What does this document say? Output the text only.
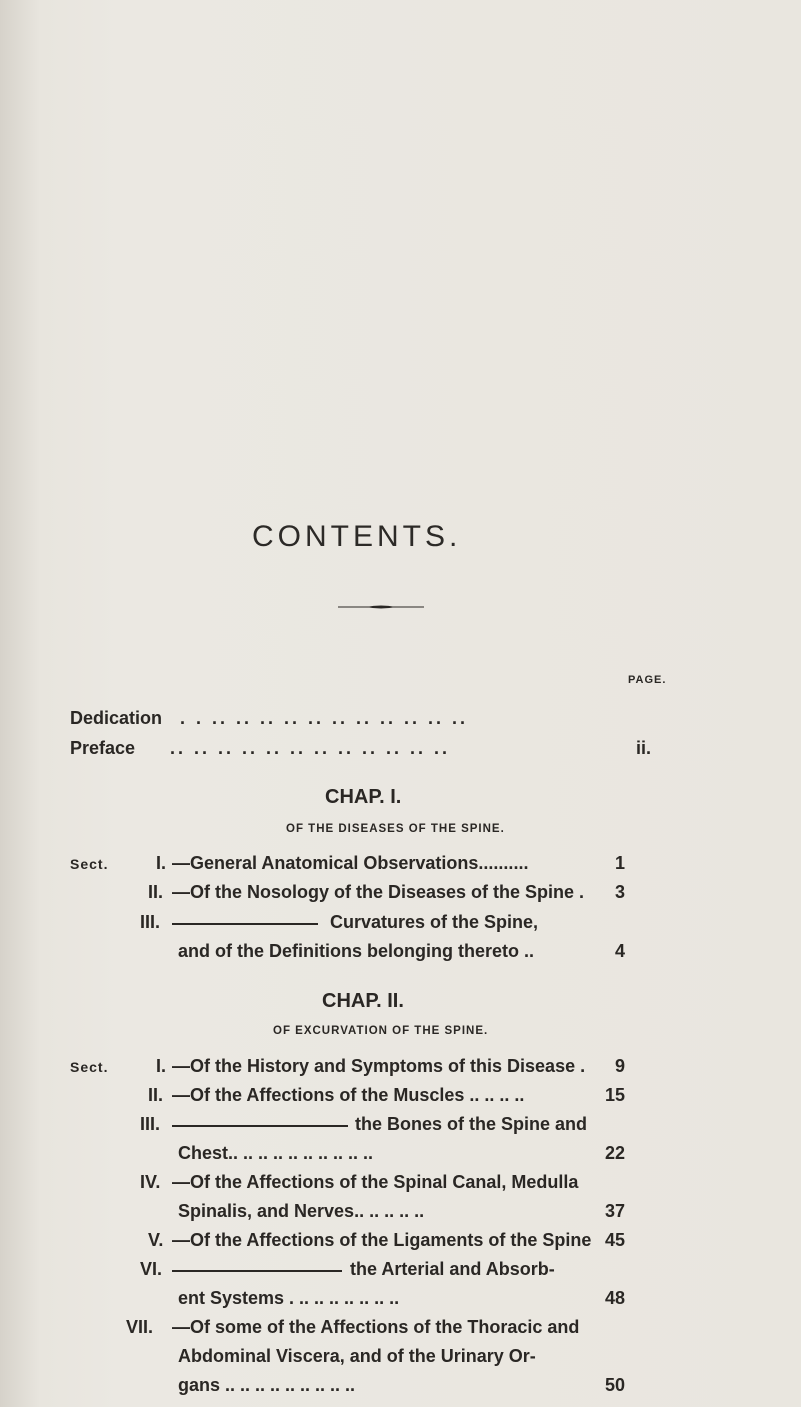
CONTENTS.
PAGE.
Dedication . . .. .. .. .. .. .. .. .. .. .. ..
Preface .. .. .. .. .. .. .. .. .. .. .. ..	ii.
CHAP. I.
OF THE DISEASES OF THE SPINE.
Sect.	I. —General Anatomical Observations..........	1
II. —Of the Nosology of the Diseases of the Spine .	3
III.	Curvatures of the Spine,
and of the Definitions belonging thereto ..	4
CHAP. II.
OF EXCURVATION OF THE SPINE.
Sect.	I. —Of the History and Symptoms of this Disease .	9
II. —Of the Affections of the Muscles .. .. .. ..	15
III.	the Bones of the Spine and
Chest.. .. .. .. .. .. .. .. .. ..	22
IV. —Of the Affections of the Spinal Canal, Medulla
Spinalis, and Nerves.. .. .. .. ..	37
V. —Of the Affections of the Ligaments of the Spine 45
VI.	the Arterial and Absorb-
ent Systems . .. .. .. .. .. .. ..	48
VII. —Of some of the Affections of the Thoracic and
Abdominal Viscera, and of the Urinary Or-
gans .. .. .. .. .. .. .. .. ..	50
